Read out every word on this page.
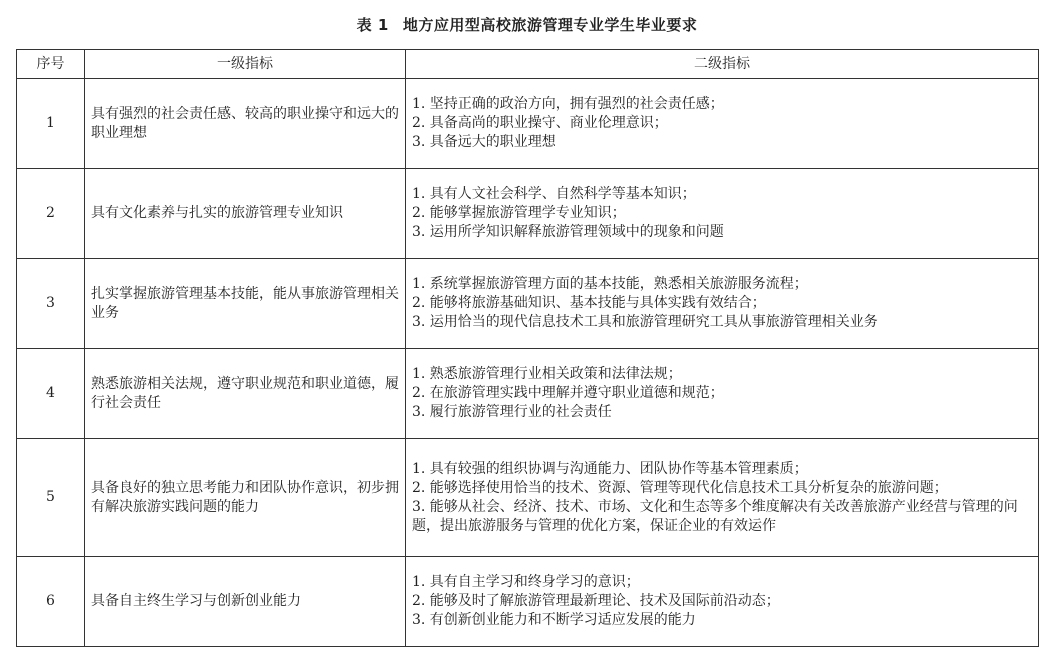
表 1 地方应用型高校旅游管理专业学生毕业要求
序号	一级指标	二级指标
1	具有强烈的社会责任感、较高的职业操守和远大的职业理想	1. 坚持正确的政治方向，拥有强烈的社会责任感；
2. 具备高尚的职业操守、商业伦理意识；
3. 具备远大的职业理想

2	具有文化素养与扎实的旅游管理专业知识	1. 具有人文社会科学、自然科学等基本知识；
2. 能够掌握旅游管理学专业知识；
3. 运用所学知识解释旅游管理领域中的现象和问题

3	扎实掌握旅游管理基本技能，能从事旅游管理相关业务	1. 系统掌握旅游管理方面的基本技能，熟悉相关旅游服务流程；
2. 能够将旅游基础知识、基本技能与具体实践有效结合；
3. 运用恰当的现代信息技术工具和旅游管理研究工具从事旅游管理相关业务

4	熟悉旅游相关法规，遵守职业规范和职业道德，履行社会责任	1. 熟悉旅游管理行业相关政策和法律法规；
2. 在旅游管理实践中理解并遵守职业道德和规范；
3. 履行旅游管理行业的社会责任

5	具备良好的独立思考能力和团队协作意识，初步拥有解决旅游实践问题的能力	1. 具有较强的组织协调与沟通能力、团队协作等基本管理素质；
2. 能够选择使用恰当的技术、资源、管理等现代化信息技术工具分析复杂的旅游问题；
3. 能够从社会、经济、技术、市场、文化和生态等多个维度解决有关改善旅游产业经营与管理的问题，提出旅游服务与管理的优化方案，保证企业的有效运作

6	具备自主终生学习与创新创业能力	1. 具有自主学习和终身学习的意识；
2. 能够及时了解旅游管理最新理论、技术及国际前沿动态；
3. 有创新创业能力和不断学习适应发展的能力
